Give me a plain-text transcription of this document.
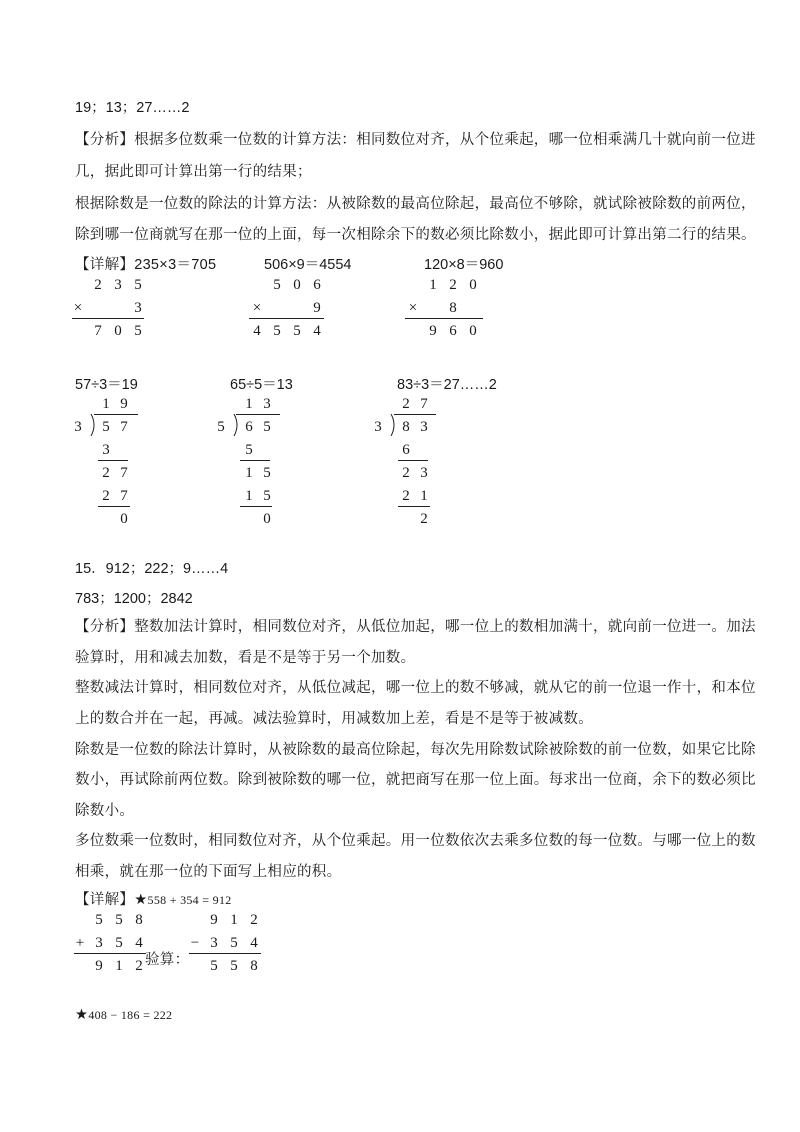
19；13；27……2
【分析】根据多位数乘一位数的计算方法：相同数位对齐，从个位乘起，哪一位相乘满几十就向前一位进
几，据此即可计算出第一行的结果；
根据除数是一位数的除法的计算方法：从被除数的最高位除起，最高位不够除，就试除被除数的前两位，
除到哪一位商就写在那一位的上面，每一次相除余下的数必须比除数小，据此即可计算出第二行的结果。
【详解】235×3＝705	506×9＝4554	120×8＝960
2 3 5
×	3
7 0 5
5 0 6
×	9
4 5 5 4
1 2 0
× 8
9 6 0
57÷3＝19	65÷5＝13	83÷3＝27……2
1 9
3 5 7
3
2 7
2 7
0
1 3
5 6 5
5
1 5
1 5
0
2 7
3 8 3
6
2 3
2 1
2
15．912；222；9……4
783；1200；2842
【分析】整数加法计算时，相同数位对齐，从低位加起，哪一位上的数相加满十，就向前一位进一。加法
验算时，用和减去加数，看是不是等于另一个加数。
整数减法计算时，相同数位对齐，从低位减起，哪一位上的数不够减，就从它的前一位退一作十，和本位
上的数合并在一起，再减。减法验算时，用减数加上差，看是不是等于被减数。
除数是一位数的除法计算时，从被除数的最高位除起，每次先用除数试除被除数的前一位数，如果它比除
数小，再试除前两位数。除到被除数的哪一位，就把商写在那一位上面。每求出一位商，余下的数必须比
除数小。
多位数乘一位数时，相同数位对齐，从个位乘起。用一位数依次去乘多位数的每一位数。与哪一位上的数
相乘，就在那一位的下面写上相应的积。
【详解】★558 + 354 = 912
5 5 8
+ 3 5 4
9 1 2 验算：
9 1 2
− 3 5 4
5 5 8
★408 − 186 = 222
